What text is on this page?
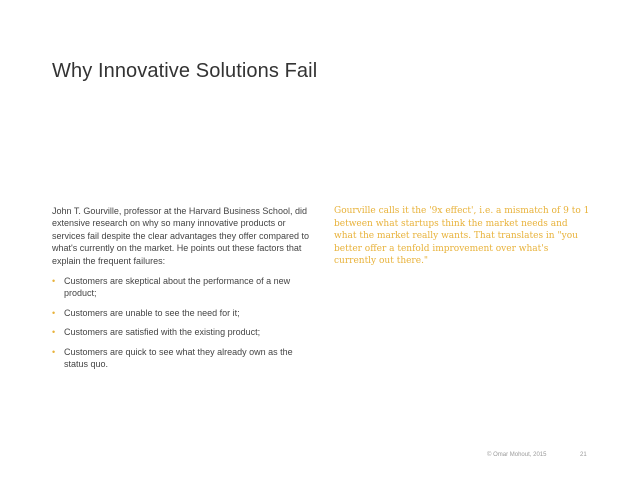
Why Innovative Solutions Fail

John T. Gourville, professor at the Harvard Business School, did extensive research on why so many innovative products or services fail despite the clear advantages they offer compared to what's currently on the market. He points out these factors that explain the frequent failures:

• Customers are skeptical about the performance of a new product;
• Customers are unable to see the need for it;
• Customers are satisfied with the existing product;
• Customers are quick to see what they already own as the status quo.
Gourville calls it the '9x effect', i.e. a mismatch of 9 to 1 between what startups think the market needs and what the market really wants. That translates in "you better offer a tenfold improvement over what's currently out there."
© Omar Mohout, 2015	21
